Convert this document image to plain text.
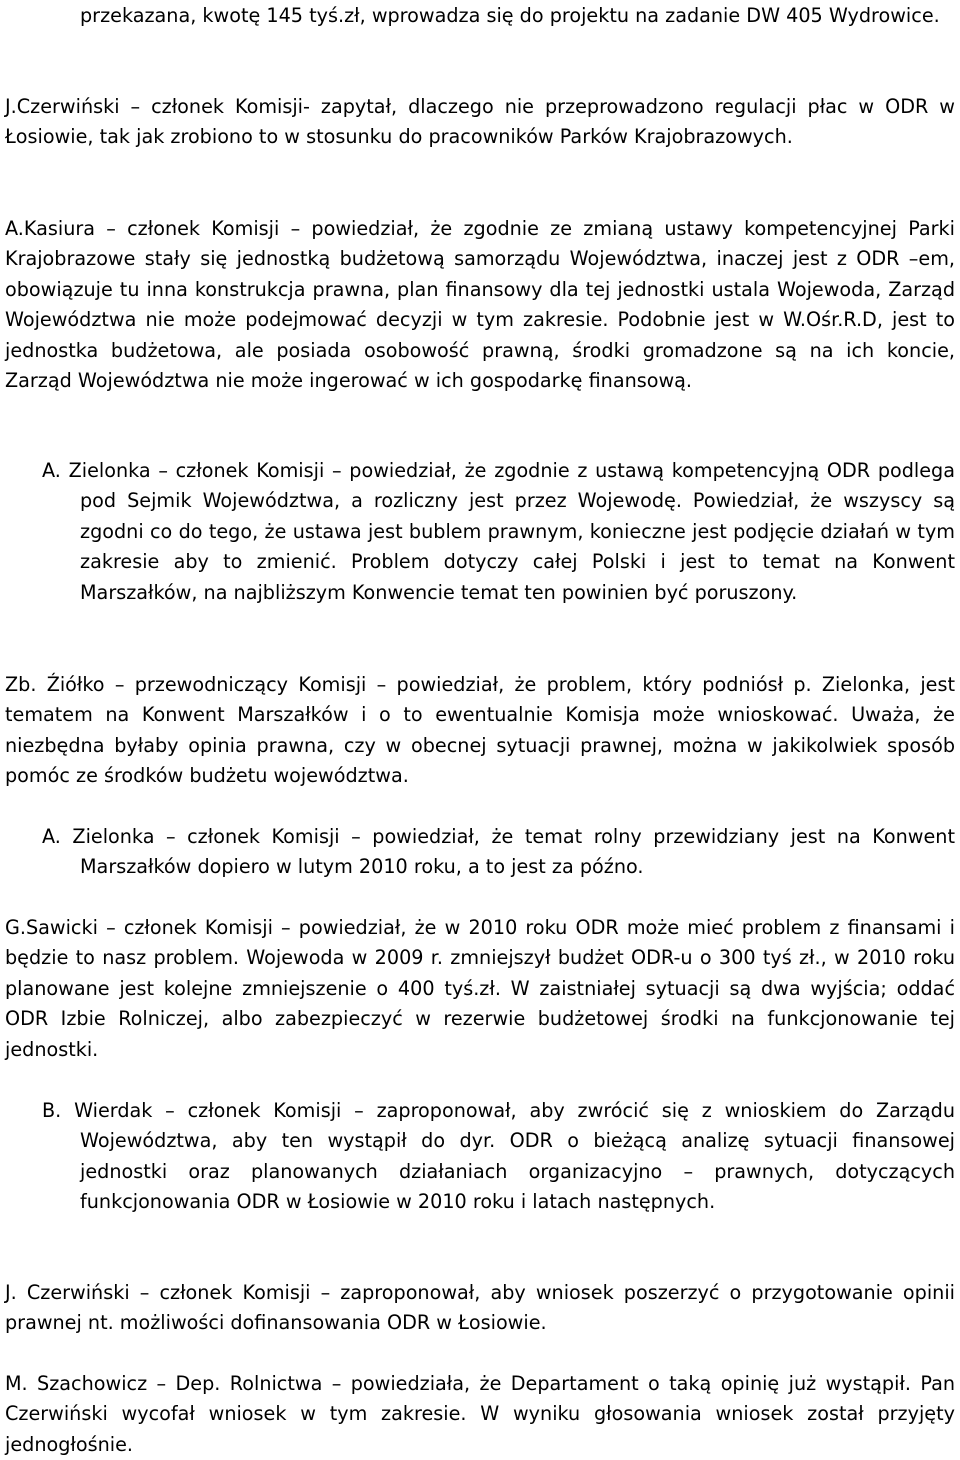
przekazana, kwotę 145 tyś.zł, wprowadza się do projektu na zadanie DW 405 Wydrowice.

J.Czerwiński – członek Komisji- zapytał, dlaczego nie przeprowadzono regulacji płac w ODR w Łosiowie, tak jak zrobiono to w stosunku do pracowników Parków Krajobrazowych.

A.Kasiura – członek Komisji – powiedział, że zgodnie ze zmianą ustawy kompetencyjnej Parki Krajobrazowe stały się jednostką budżetową samorządu Województwa, inaczej jest z ODR –em, obowiązuje tu inna konstrukcja prawna, plan finansowy dla tej jednostki ustala Wojewoda, Zarząd Województwa nie może podejmować decyzji w tym zakresie. Podobnie jest w W.Ośr.R.D, jest to jednostka budżetowa, ale posiada osobowość prawną, środki gromadzone są na ich koncie, Zarząd Województwa nie może ingerować w ich gospodarkę finansową.

A. Zielonka – członek Komisji – powiedział, że zgodnie z ustawą kompetencyjną ODR podlega pod Sejmik Województwa, a rozliczny jest przez Wojewodę. Powiedział, że wszyscy są zgodni co do tego, że ustawa jest bublem prawnym, konieczne jest podjęcie działań w tym zakresie aby to zmienić. Problem dotyczy całej Polski i jest to temat na Konwent Marszałków, na najbliższym Konwencie temat ten powinien być poruszony.

Zb. Źiółko – przewodniczący Komisji – powiedział, że problem, który podniósł p. Zielonka, jest tematem na Konwent Marszałków i o to ewentualnie Komisja może wnioskować. Uważa, że niezbędna byłaby opinia prawna, czy w obecnej sytuacji prawnej, można w jakikolwiek sposób pomóc ze środków budżetu województwa.

A. Zielonka – członek Komisji – powiedział, że temat rolny przewidziany jest na Konwent Marszałków dopiero w lutym 2010 roku, a to jest za późno.

G.Sawicki – członek Komisji – powiedział, że w 2010 roku ODR może mieć problem z finansami i będzie to nasz problem. Wojewoda w 2009 r. zmniejszył budżet ODR-u o 300 tyś zł., w 2010 roku planowane jest kolejne zmniejszenie o 400 tyś.zł. W zaistniałej sytuacji są dwa wyjścia; oddać ODR Izbie Rolniczej, albo zabezpieczyć w rezerwie budżetowej środki na funkcjonowanie tej jednostki.

B. Wierdak – członek Komisji – zaproponował, aby zwrócić się z wnioskiem do Zarządu Województwa, aby ten wystąpił do dyr. ODR o bieżącą analizę sytuacji finansowej jednostki oraz planowanych działaniach organizacyjno – prawnych, dotyczących funkcjonowania ODR w Łosiowie w 2010 roku i latach następnych.

J. Czerwiński – członek Komisji – zaproponował, aby wniosek poszerzyć o przygotowanie opinii prawnej nt. możliwości dofinansowania ODR w Łosiowie.

M. Szachowicz – Dep. Rolnictwa – powiedziała, że Departament o taką opinię już wystąpił. Pan Czerwiński wycofał wniosek w tym zakresie. W wyniku głosowania wniosek został przyjęty jednogłośnie.
